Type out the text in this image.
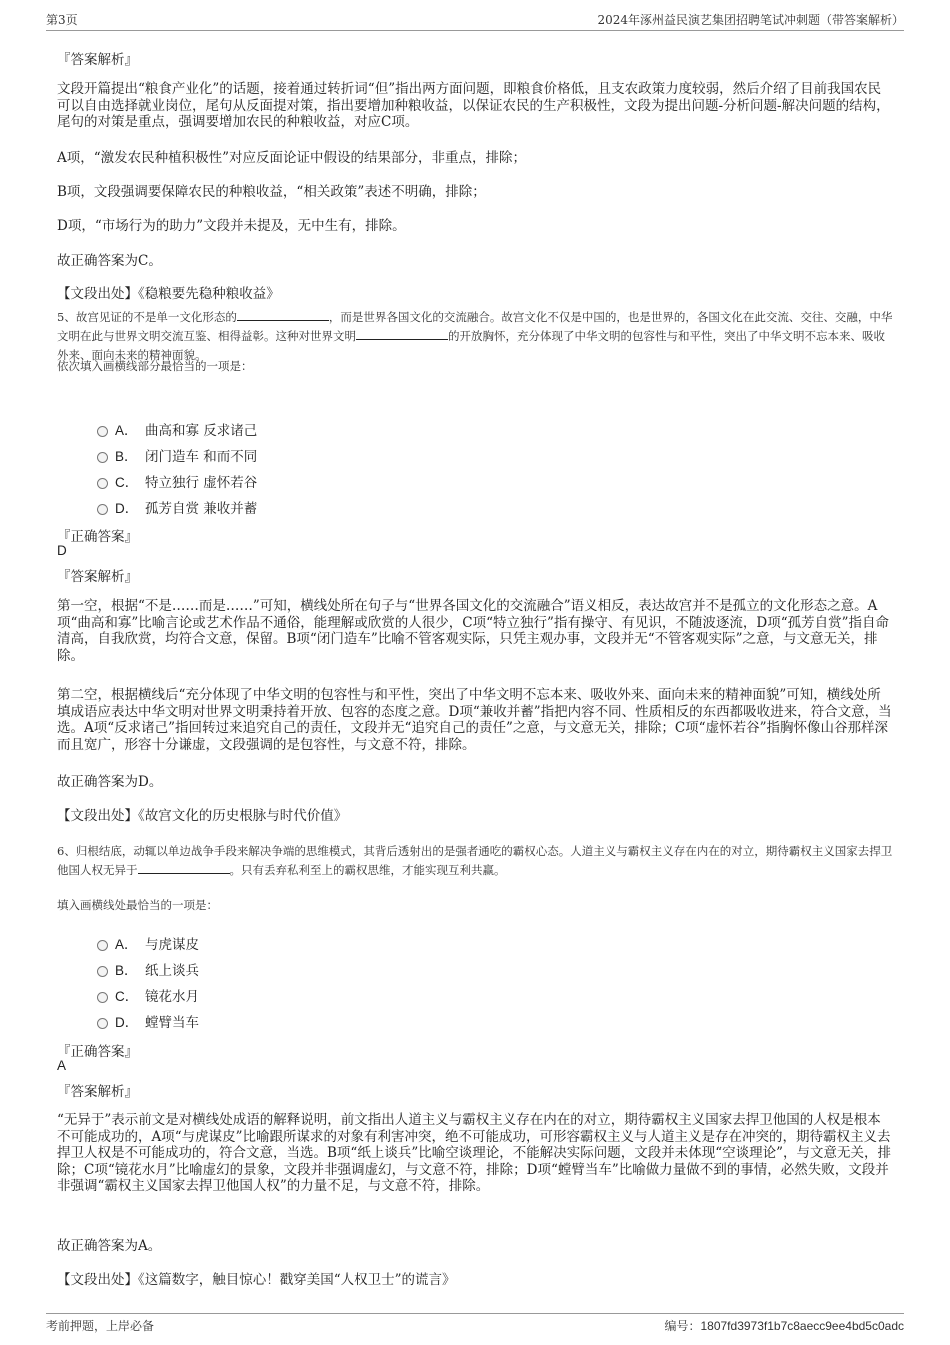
第3页	2024年涿州益民演艺集团招聘笔试冲刺题（带答案解析）
『答案解析』
文段开篇提出“粮食产业化”的话题，接着通过转折词“但”指出两方面问题，即粮食价格低，且支农政策力度较弱，然后介绍了目前我国农民可以自由选择就业岗位，尾句从反面提对策，指出要增加种粮收益，以保证农民的生产积极性，文段为提出问题-分析问题-解决问题的结构，尾句的对策是重点，强调要增加农民的种粮收益，对应C项。
A项，“激发农民种植积极性”对应反面论证中假设的结果部分，非重点，排除；
B项，文段强调要保障农民的种粮收益，“相关政策”表述不明确，排除；
D项，“市场行为的助力”文段并未提及，无中生有，排除。
故正确答案为C。
【文段出处】《稳粮要先稳种粮收益》
5、故宫见证的不是单一文化形态的	，而是世界各国文化的交流融合。故宫文化不仅是中国的，也是世界的，各国文化在此交流、交往、交融，中华文明在此与世界文明交流互鉴、相得益彰。这种对世界文明	的开放胸怀，充分体现了中华文明的包容性与和平性，突出了中华文明不忘本来、吸收外来、面向未来的精神面貌。
依次填入画横线部分最恰当的一项是：
A． 曲高和寡 反求诸己
B． 闭门造车 和而不同
C． 特立独行 虚怀若谷
D． 孤芳自赏 兼收并蓄
『正确答案』
D
『答案解析』
第一空，根据“不是……而是……”可知，横线处所在句子与“世界各国文化的交流融合”语义相反，表达故宫并不是孤立的文化形态之意。A项“曲高和寡”比喻言论或艺术作品不通俗，能理解或欣赏的人很少，C项“特立独行”指有操守、有见识，不随波逐流，D项“孤芳自赏”指自命清高，自我欣赏，均符合文意，保留。B项“闭门造车”比喻不管客观实际，只凭主观办事，文段并无“不管客观实际”之意，与文意无关，排除。
第二空，根据横线后“充分体现了中华文明的包容性与和平性，突出了中华文明不忘本来、吸收外来、面向未来的精神面貌”可知，横线处所填成语应表达中华文明对世界文明秉持着开放、包容的态度之意。D项“兼收并蓄”指把内容不同、性质相反的东西都吸收进来，符合文意，当选。A项“反求诸己”指回转过来追究自己的责任，文段并无“追究自己的责任”之意，与文意无关，排除；C项“虚怀若谷”指胸怀像山谷那样深而且宽广，形容十分谦虚，文段强调的是包容性，与文意不符，排除。
故正确答案为D。
【文段出处】《故宫文化的历史根脉与时代价值》
6、归根结底，动辄以单边战争手段来解决争端的思维模式，其背后透射出的是强者通吃的霸权心态。人道主义与霸权主义存在内在的对立，期待霸权主义国家去捍卫他国人权无异于	。只有丢弃私利至上的霸权思维，才能实现互利共赢。
填入画横线处最恰当的一项是：
A． 与虎谋皮
B． 纸上谈兵
C． 镜花水月
D． 螳臂当车
『正确答案』
A
『答案解析』
“无异于”表示前文是对横线处成语的解释说明，前文指出人道主义与霸权主义存在内在的对立，期待霸权主义国家去捍卫他国的人权是根本不可能成功的，A项“与虎谋皮”比喻跟所谋求的对象有利害冲突，绝不可能成功，可形容霸权主义与人道主义是存在冲突的，期待霸权主义去捍卫人权是不可能成功的，符合文意，当选。B项“纸上谈兵”比喻空谈理论，不能解决实际问题，文段并未体现“空谈理论”，与文意无关，排除；C项“镜花水月”比喻虚幻的景象，文段并非强调虚幻，与文意不符，排除；D项“螳臂当车”比喻做力量做不到的事情，必然失败，文段并非强调“霸权主义国家去捍卫他国人权”的力量不足，与文意不符，排除。
故正确答案为A。
【文段出处】《这篇数字，触目惊心！戳穿美国“人权卫士”的谎言》
考前押题，上岸必备	编号：1807fd3973f1b7c8aecc9ee4bd5c0adc
